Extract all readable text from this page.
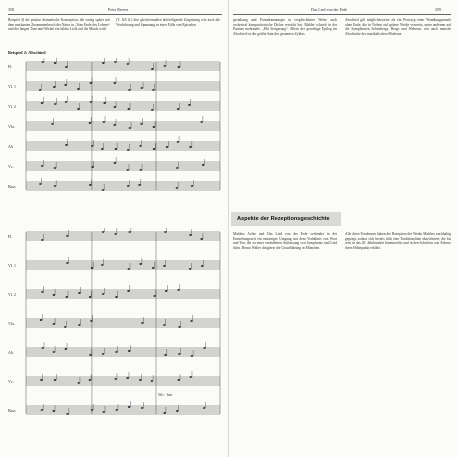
358	Peter Revers

Beispiel 4) die präzise dramatische Konzeption, die wenig später mit dem markanten Zusammenbruch der Natur in „Vom Ende des Lebens“ und der langen Tam-tam-Wirbel ein fahles Licht auf die Musik wirft

(T. 165 ff.) ihre gleichermaßen befriedigende Zuspitzung wie auch die Verdichtung und Spannung in einer Fülle von Episoden

Beispiel 2: Abschied
Fl.
Vl. 1
Vl. 2
Vla.
Alt
Vc.
Bass
Fl.
Vl. 1
Vl. 2
Vla.
Alt
Vc.
Bass
Wo - hin
Das Lied von der Erde	359

gestaltung und Formdramaturgie in vergleichbarer Weise auch orchestral kompositorische Dichte erreicht hat. Mahler schrieb in der Partitur mehrmals: „Mit Steigerung“. Allein der gewaltige Epilog im Abschied ist der größte Satz des gesamten Zyklus.

Abschied gilt möglicherweise als ein Prototyp einer Wandlungsmusik ohne Ende, die in Vielem auf spätere Werke verweist, unter anderem auf die Symphonien Schönbergs, Bergs und Weberns, wie auch manche Abschnitte der musikalischen Moderne.

Aspekte der Rezeptionsgeschichte

Mahlers Achte und Das Lied von der Erde verbindet in der Entstehungszeit ein neuartiger Umgang mit dem Verhältnis von Wort und Ton, der zu einer veränderten Auffassung von Symphonie und Lied führt. Bruno Walter dirigierte die Uraufführung in München.

Alle diese Tendenzen haben die Rezeption der Werke Mahlers nachhaltig geprägt, sodass sich bereits früh eine Traditionslinie abzeichnete, die bis weit in das 20. Jahrhundert hineinreicht und in den Schriften von Adorno ihren Höhepunkt erfährt.
